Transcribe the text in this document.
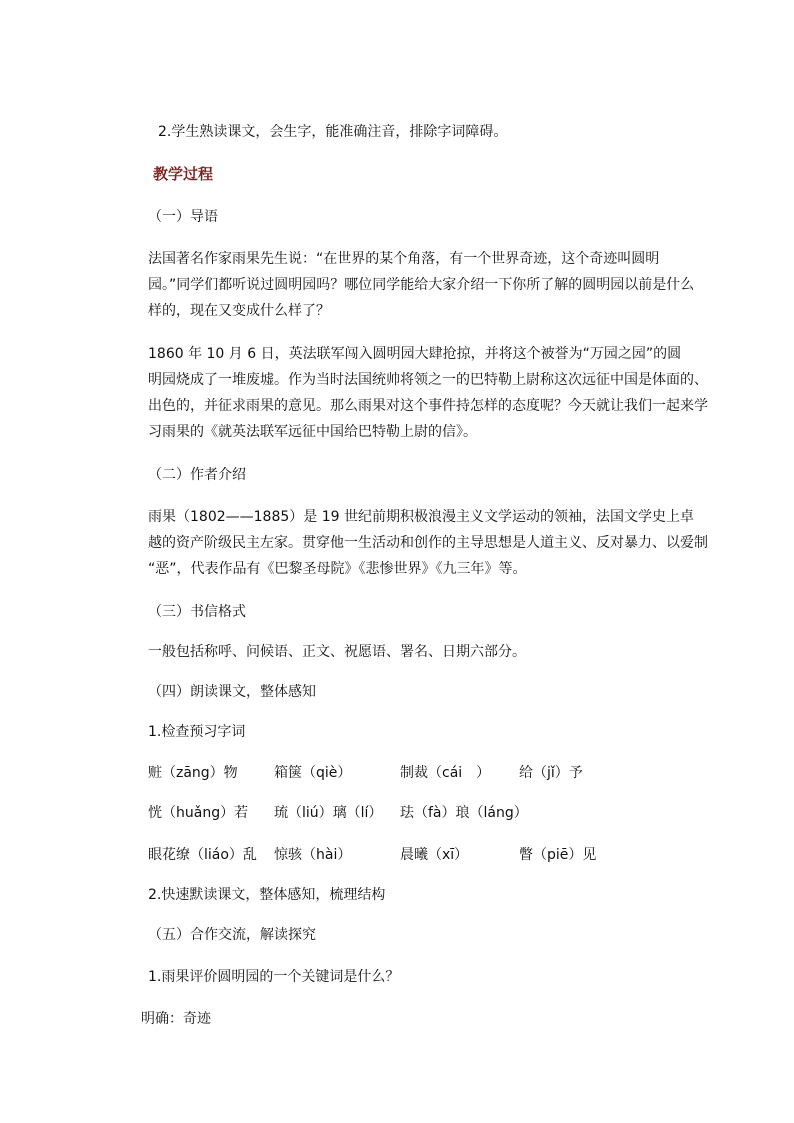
2.学生熟读课文，会生字，能准确注音，排除字词障碍。
教学过程
（一）导语
法国著名作家雨果先生说：“在世界的某个角落，有一个世界奇迹，这个奇迹叫圆明
园。”同学们都听说过圆明园吗？哪位同学能给大家介绍一下你所了解的圆明园以前是什么
样的，现在又变成什么样了？
1860 年 10 月 6 日，英法联军闯入圆明园大肆抢掠，并将这个被誉为“万园之园”的圆
明园烧成了一堆废墟。作为当时法国统帅将领之一的巴特勒上尉称这次远征中国是体面的、
出色的，并征求雨果的意见。那么雨果对这个事件持怎样的态度呢？今天就让我们一起来学
习雨果的《就英法联军远征中国给巴特勒上尉的信》。
（二）作者介绍
雨果（1802——1885）是 19 世纪前期积极浪漫主义文学运动的领袖，法国文学史上卓
越的资产阶级民主左家。贯穿他一生活动和创作的主导思想是人道主义、反对暴力、以爱制
“恶”，代表作品有《巴黎圣母院》《悲惨世界》《九三年》等。
（三）书信格式
一般包括称呼、问候语、正文、祝愿语、署名、日期六部分。
（四）朗读课文，整体感知
1.检查预习字词
赃（zāng）物	箱箧（qiè）	制裁（cái　） 给（jǐ）予
恍（huǎng）若 琉（liú）璃（lí） 珐（fà）琅（láng）
眼花缭（liáo）乱 惊骇（hài）	晨曦（xī）	瞥（piē）见
2.快速默读课文，整体感知，梳理结构
（五）合作交流，解读探究
1.雨果评价圆明园的一个关键词是什么？
明确：奇迹
